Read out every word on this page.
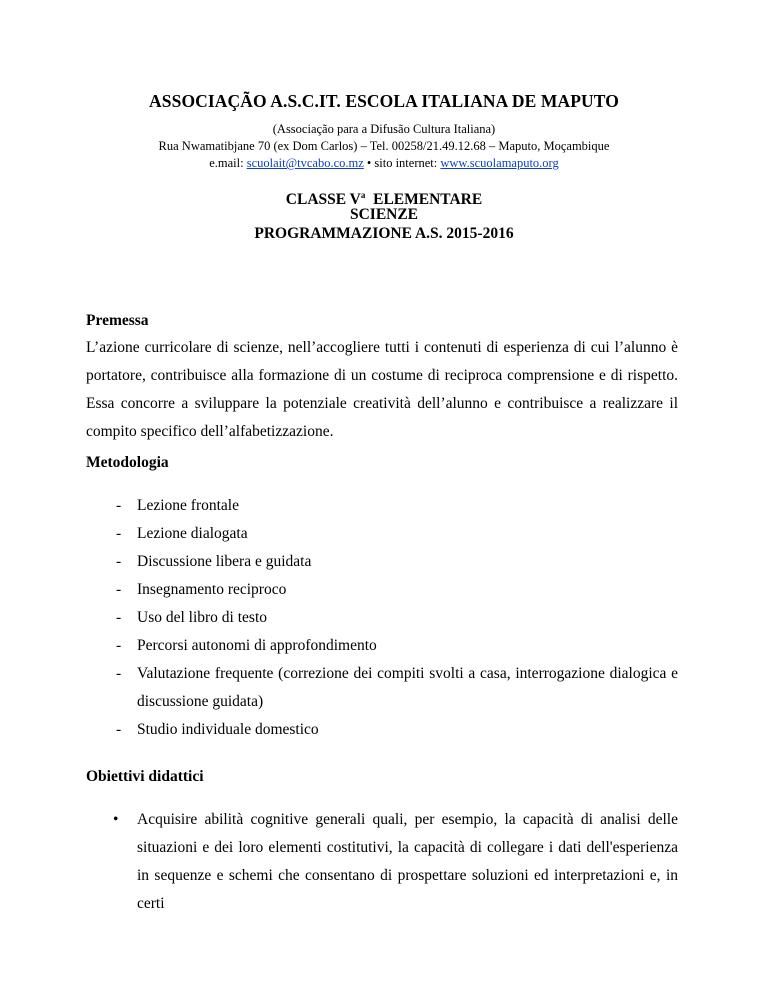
ASSOCIAÇÃO A.S.C.IT. ESCOLA ITALIANA DE MAPUTO
(Associação para a Difusão Cultura Italiana)
Rua Nwamatibjane 70 (ex Dom Carlos) – Tel. 00258/21.49.12.68 – Maputo, Moçambique
e.mail: scuolait@tvcabo.co.mz • sito internet: www.scuolamaputo.org
CLASSE $V^a$  ELEMENTARE
SCIENZE
PROGRAMMAZIONE A.S. 2015-2016
Premessa
L’azione curricolare di scienze, nell’accogliere tutti i contenuti di esperienza di cui l’alunno è portatore, contribuisce alla formazione di un costume di reciproca comprensione e di rispetto. Essa concorre a sviluppare la potenziale creatività dell’alunno e contribuisce a realizzare il compito specifico dell’alfabetizzazione.
Metodologia
- Lezione frontale
- Lezione dialogata
- Discussione libera e guidata
- Insegnamento reciproco
- Uso del libro di testo
- Percorsi autonomi di approfondimento
- Valutazione frequente (correzione dei compiti svolti a casa, interrogazione dialogica e discussione guidata)
- Studio individuale domestico
Obiettivi didattici
• Acquisire abilità cognitive generali quali, per esempio, la capacità di analisi delle situazioni e dei loro elementi costitutivi, la capacità di collegare i dati dell'esperienza in sequenze e schemi che consentano di prospettare soluzioni ed interpretazioni e, in certi
